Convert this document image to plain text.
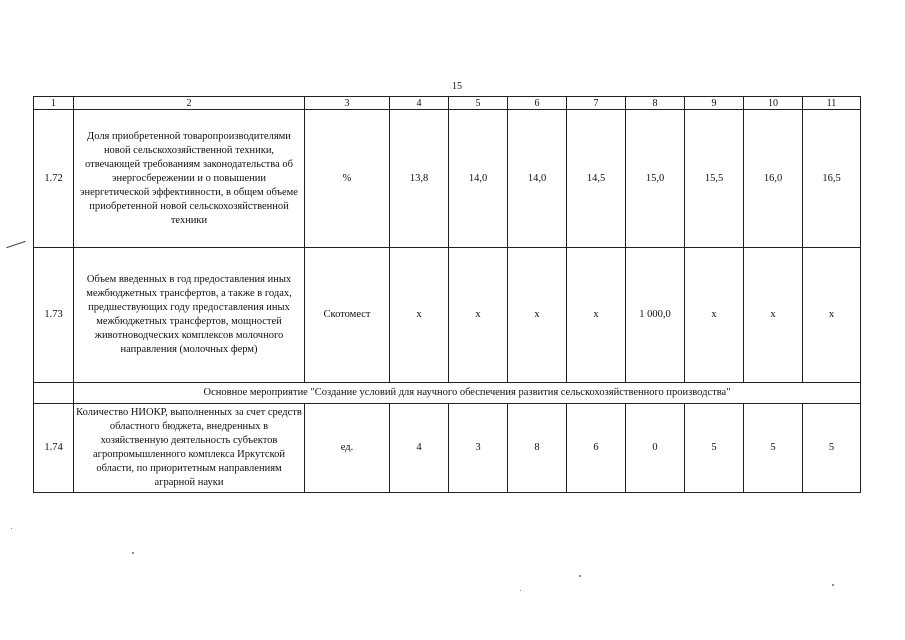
15
1	2	3	4	5	6	7	8	9	10	11
1.72	Доля приобретенной товаропроизводителями новой сельскохозяйственной техники, отвечающей требованиям законодательства об энергосбережении и о повышении энергетической эффективности, в общем объеме приобретенной новой сельскохозяйственной техники	%	13,8	14,0	14,0	14,5	15,0	15,5	16,0	16,5
1.73	Объем введенных в год предоставления иных межбюджетных трансфертов, а также в годах, предшествующих году предоставления иных межбюджетных трансфертов, мощностей животноводческих комплексов молочного направления (молочных ферм)	Скотомест	х	х	х	х	1 000,0	х	х	х
	Основное мероприятие "Создание условий для научного обеспечения развития сельскохозяйственного производства"									
1.74	Количество НИОКР, выполненных за счет средств областного бюджета, внедренных в хозяйственную деятельность субъектов агропромышленного комплекса Иркутской области, по приоритетным направлениям аграрной науки	ед.	4	3	8	6	0	5	5	5
